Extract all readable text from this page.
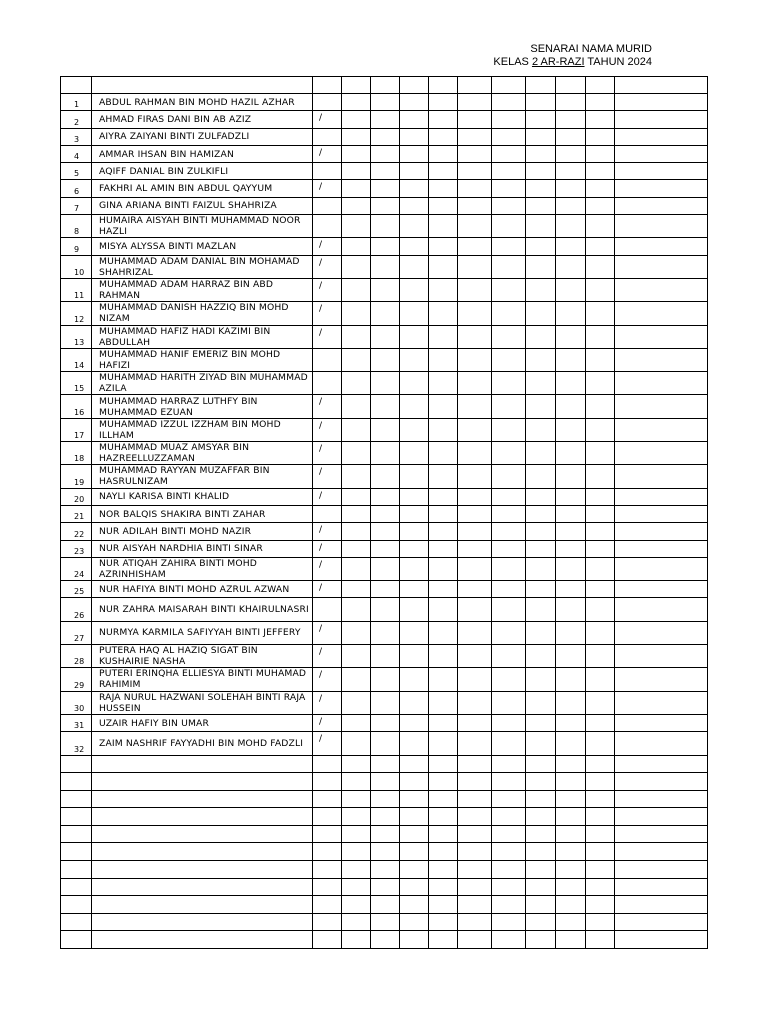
SENARAI NAMA MURID
KELAS 2 AR-RAZI TAHUN 2024

1	ABDUL RAHMAN BIN MOHD HAZIL AZHAR											
2	AHMAD FIRAS DANI BIN AB AZIZ	/										
3	AIYRA ZAIYANI BINTI ZULFADZLI											
4	AMMAR IHSAN BIN HAMIZAN	/										
5	AQIFF DANIAL BIN ZULKIFLI											
6	FAKHRI AL AMIN BIN ABDUL QAYYUM	/										
7	GINA ARIANA BINTI FAIZUL SHAHRIZA											
8	HUMAIRA AISYAH BINTI MUHAMMAD NOOR HAZLI											
9	MISYA ALYSSA BINTI MAZLAN	/										
10	MUHAMMAD ADAM DANIAL BIN MOHAMAD SHAHRIZAL	/										
11	MUHAMMAD ADAM HARRAZ BIN ABD RAHMAN	/										
12	MUHAMMAD DANISH HAZZIQ BIN MOHD NIZAM	/										
13	MUHAMMAD HAFIZ HADI KAZIMI BIN ABDULLAH	/										
14	MUHAMMAD HANIF EMERIZ BIN MOHD HAFIZI											
15	MUHAMMAD HARITH ZIYAD BIN MUHAMMAD AZILA											
16	MUHAMMAD HARRAZ LUTHFY BIN MUHAMMAD EZUAN	/										
17	MUHAMMAD IZZUL IZZHAM BIN MOHD ILLHAM	/										
18	MUHAMMAD MUAZ AMSYAR BIN HAZREELLUZZAMAN	/										
19	MUHAMMAD RAYYAN MUZAFFAR BIN HASRULNIZAM	/										
20	NAYLI KARISA BINTI KHALID	/										
21	NOR BALQIS SHAKIRA BINTI ZAHAR											
22	NUR ADILAH BINTI MOHD NAZIR	/										
23	NUR AISYAH NARDHIA BINTI SINAR	/										
24	NUR ATIQAH ZAHIRA BINTI MOHD AZRINHISHAM	/										
25	NUR HAFIYA BINTI MOHD AZRUL AZWAN	/										
26	NUR ZAHRA MAISARAH BINTI KHAIRULNASRI											
27	NURMYA KARMILA SAFIYYAH BINTI JEFFERY	/										
28	PUTERA HAQ AL HAZIQ SIGAT BIN KUSHAIRIE NASHA	/										
29	PUTERI ERINQHA ELLIESYA BINTI MUHAMAD RAHIMIM	/										
30	RAJA NURUL HAZWANI SOLEHAH BINTI RAJA HUSSEIN	/										
31	UZAIR HAFIY BIN UMAR	/										
32	ZAIM NASHRIF FAYYADHI BIN MOHD FADZLI	/										
